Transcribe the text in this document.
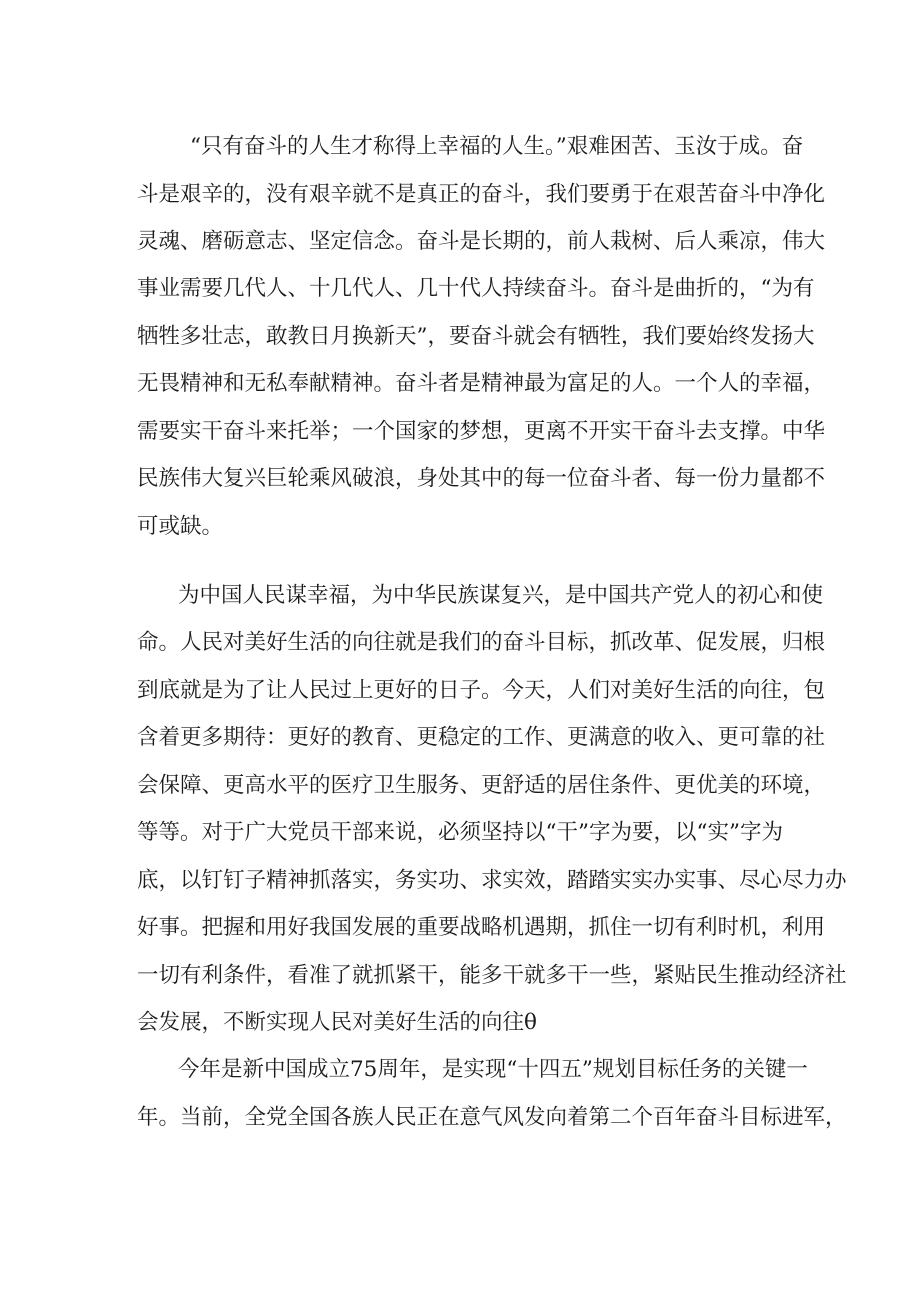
“只有奋斗的人生才称得上幸福的人生。”艰难困苦、玉汝于成。奋
斗是艰辛的，没有艰辛就不是真正的奋斗，我们要勇于在艰苦奋斗中净化
灵魂、磨砺意志、坚定信念。奋斗是长期的，前人栽树、后人乘凉，伟大
事业需要几代人、十几代人、几十代人持续奋斗。奋斗是曲折的，“为有
牺牲多壮志，敢教日月换新天”，要奋斗就会有牺牲，我们要始终发扬大
无畏精神和无私奉献精神。奋斗者是精神最为富足的人。一个人的幸福，
需要实干奋斗来托举；一个国家的梦想，更离不开实干奋斗去支撑。中华
民族伟大复兴巨轮乘风破浪，身处其中的每一位奋斗者、每一份力量都不
可或缺。
为中国人民谋幸福，为中华民族谋复兴，是中国共产党人的初心和使
命。人民对美好生活的向往就是我们的奋斗目标，抓改革、促发展，归根
到底就是为了让人民过上更好的日子。今天，人们对美好生活的向往，包
含着更多期待：更好的教育、更稳定的工作、更满意的收入、更可靠的社
会保障、更高水平的医疗卫生服务、更舒适的居住条件、更优美的环境，
等等。对于广大党员干部来说，必须坚持以“干”字为要，以“实”字为
底，以钉钉子精神抓落实，务实功、求实效，踏踏实实办实事、尽心尽力办
好事。把握和用好我国发展的重要战略机遇期，抓住一切有利时机，利用
一切有利条件，看准了就抓紧干，能多干就多干一些，紧贴民生推动经济社
会发展，不断实现人民对美好生活的向往θ
今年是新中国成立75周年，是实现“十四五”规划目标任务的关键一
年。当前，全党全国各族人民正在意气风发向着第二个百年奋斗目标进军，
